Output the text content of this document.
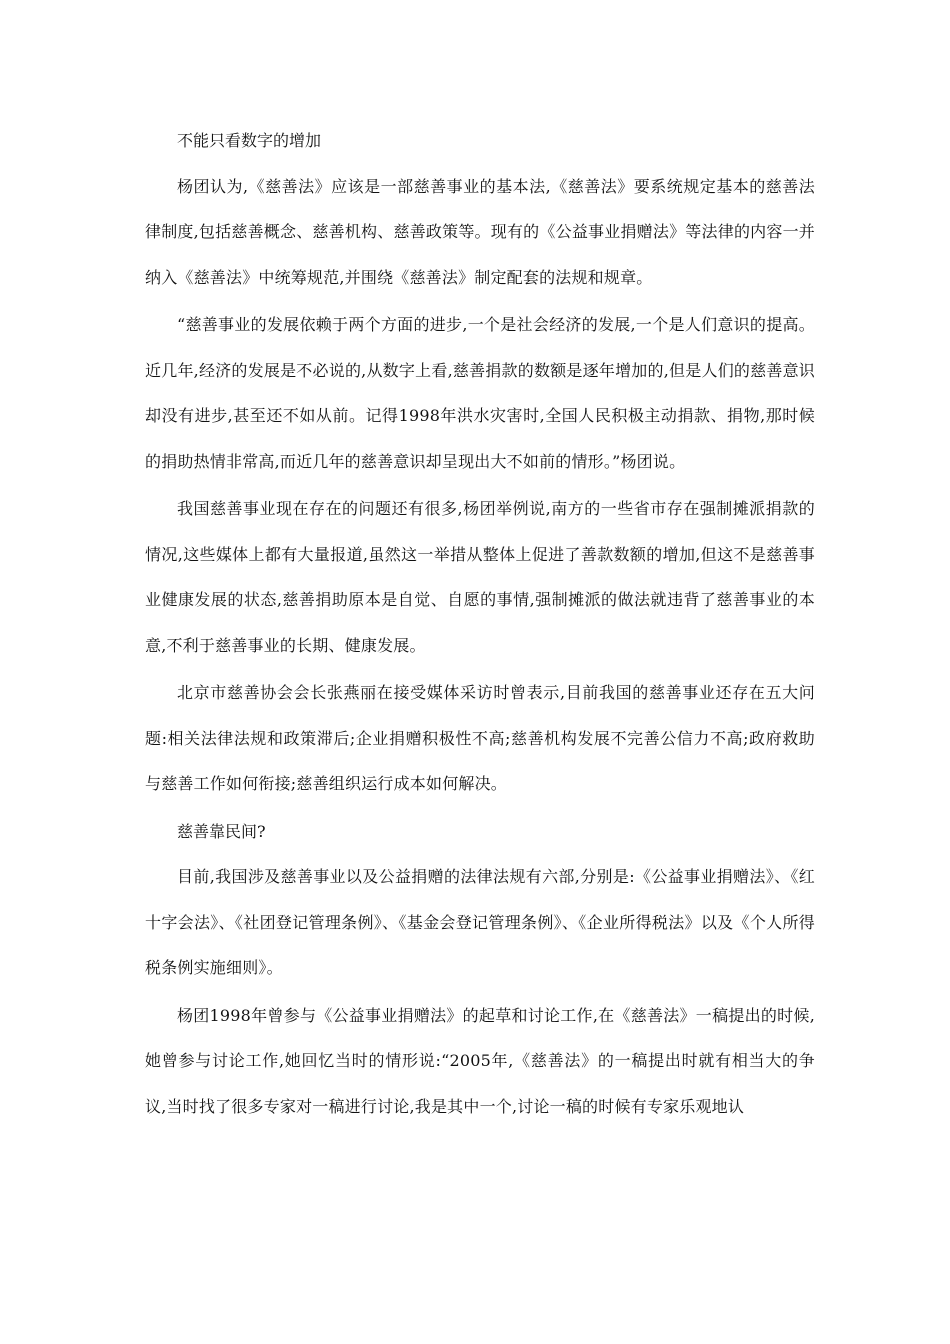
不能只看数字的增加

杨团认为,《慈善法》应该是一部慈善事业的基本法,《慈善法》要系统规定基本的慈善法律制度,包括慈善概念、慈善机构、慈善政策等。现有的《公益事业捐赠法》等法律的内容一并纳入《慈善法》中统筹规范,并围绕《慈善法》制定配套的法规和规章。

“慈善事业的发展依赖于两个方面的进步,一个是社会经济的发展,一个是人们意识的提高。近几年,经济的发展是不必说的,从数字上看,慈善捐款的数额是逐年增加的,但是人们的慈善意识却没有进步,甚至还不如从前。记得1998年洪水灾害时,全国人民积极主动捐款、捐物,那时候的捐助热情非常高,而近几年的慈善意识却呈现出大不如前的情形。”杨团说。

我国慈善事业现在存在的问题还有很多,杨团举例说,南方的一些省市存在强制摊派捐款的情况,这些媒体上都有大量报道,虽然这一举措从整体上促进了善款数额的增加,但这不是慈善事业健康发展的状态,慈善捐助原本是自觉、自愿的事情,强制摊派的做法就违背了慈善事业的本意,不利于慈善事业的长期、健康发展。

北京市慈善协会会长张燕丽在接受媒体采访时曾表示,目前我国的慈善事业还存在五大问题:相关法律法规和政策滞后;企业捐赠积极性不高;慈善机构发展不完善公信力不高;政府救助与慈善工作如何衔接;慈善组织运行成本如何解决。

慈善靠民间?

目前,我国涉及慈善事业以及公益捐赠的法律法规有六部,分别是:《公益事业捐赠法》、《红十字会法》、《社团登记管理条例》、《基金会登记管理条例》、《企业所得税法》以及《个人所得税条例实施细则》。

杨团1998年曾参与《公益事业捐赠法》的起草和讨论工作,在《慈善法》一稿提出的时候,她曾参与讨论工作,她回忆当时的情形说:“2005年,《慈善法》的一稿提出时就有相当大的争议,当时找了很多专家对一稿进行讨论,我是其中一个,讨论一稿的时候有专家乐观地认
